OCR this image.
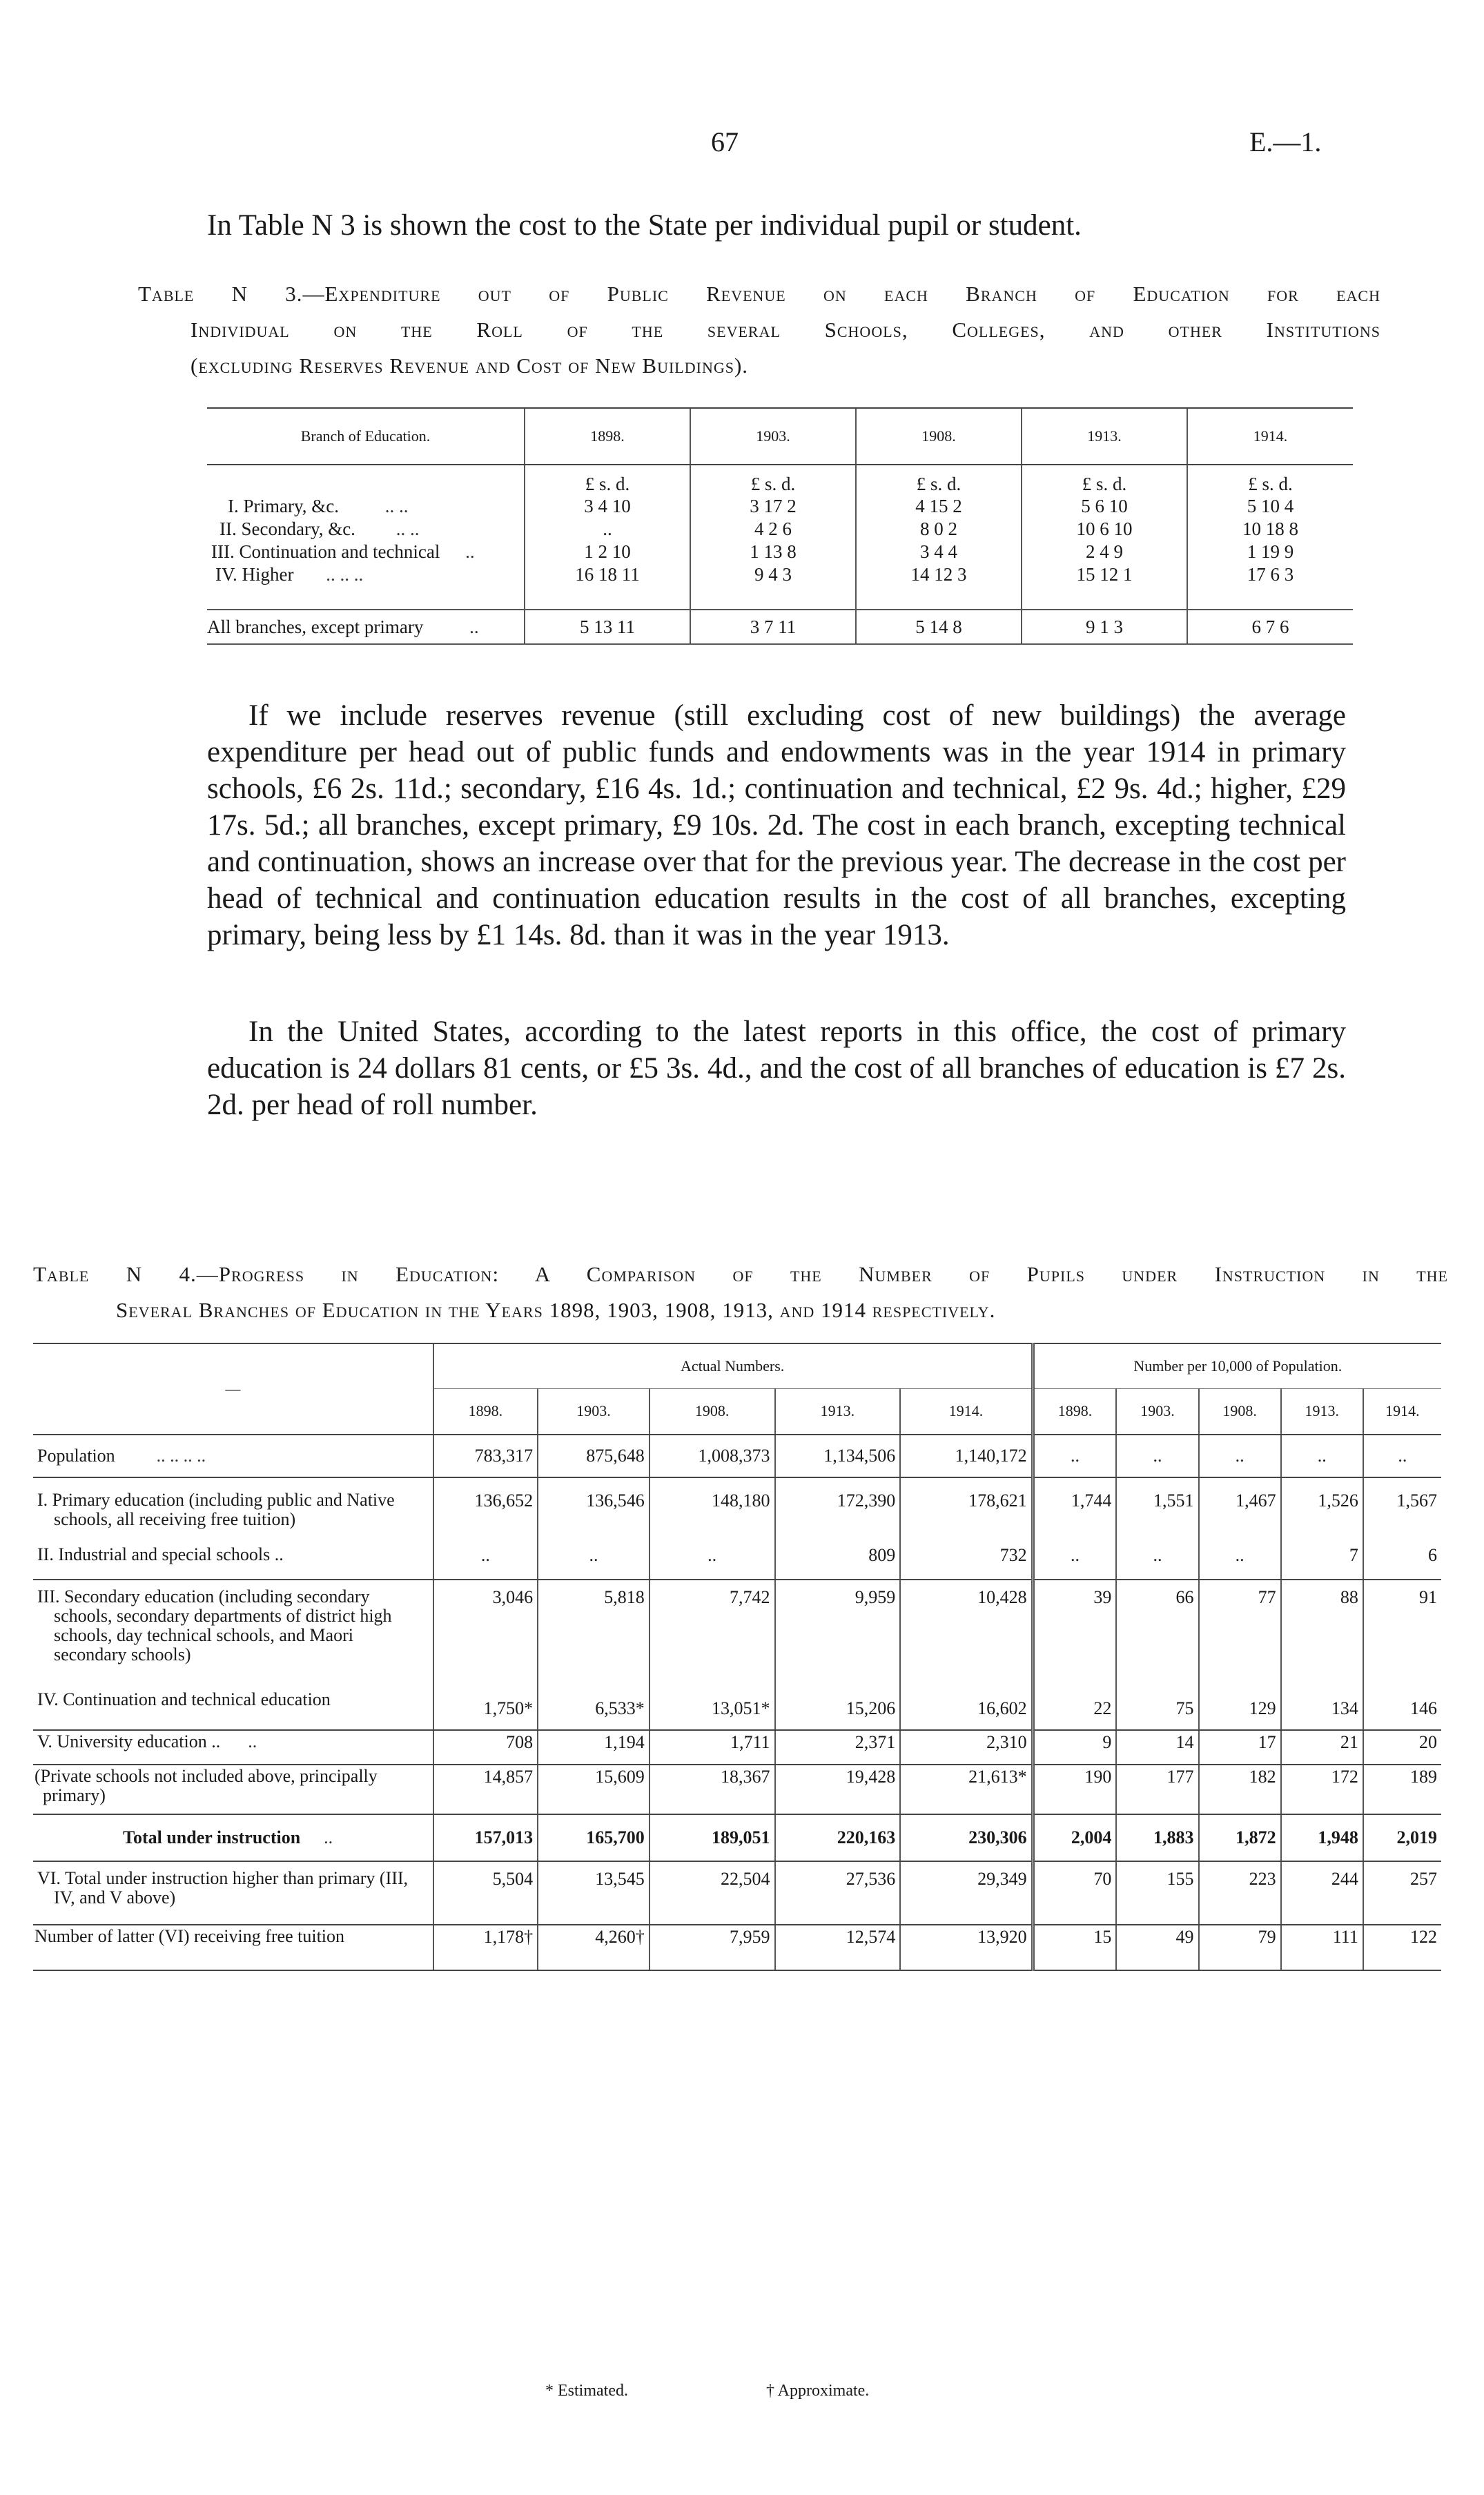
67	E.—1.
In Table N 3 is shown the cost to the State per individual pupil or student.
Table N 3.—Expenditure out of Public Revenue on each Branch of Education for each
Individual on the Roll of the several Schools, Colleges, and other Institutions
(excluding Reserves Revenue and Cost of New Buildings).
Branch of Education.	1898.	1903.	1908.	1913.	1914.
	£ s. d.	£ s. d.	£ s. d.	£ s. d.	£ s. d.
I. Primary, &c. .. ..	3 4 10	3 17 2	4 15 2	5 6 10	5 10 4
II. Secondary, &c. .. ..	..	4 2 6	8 0 2	10 6 10	10 18 8
III. Continuation and technical ..	1 2 10	1 13 8	3 4 4	2 4 9	1 19 9
IV. Higher .. .. ..	16 18 11	9 4 3	14 12 3	15 12 1	17 6 3

All branches, except primary ..	5 13 11	3 7 11	5 14 8	9 1 3	6 7 6

If we include reserves revenue (still excluding cost of new buildings) the average expenditure per head out of public funds and endowments was in the year 1914 in primary schools, £6 2s. 11d.; secondary, £16 4s. 1d.; continuation and technical, £2 9s. 4d.; higher, £29 17s. 5d.; all branches, except primary, £9 10s. 2d. The cost in each branch, excepting technical and continuation, shows an increase over that for the previous year. The decrease in the cost per head of technical and continuation education results in the cost of all branches, excepting primary, being less by £1 14s. 8d. than it was in the year 1913.

In the United States, according to the latest reports in this office, the cost of primary education is 24 dollars 81 cents, or £5 3s. 4d., and the cost of all branches of education is £7 2s. 2d. per head of roll number.

Table N 4.—Progress in Education: A Comparison of the Number of Pupils under Instruction in the
Several Branches of Education in the Years 1898, 1903, 1908, 1913, and 1914 respectively.
—	Actual Numbers.					Number per 10,000 of Population.				
	1898.	1903.	1908.	1913.	1914.	1898.	1903.	1908.	1913.	1914.
Population .. .. .. ..	783,317	875,648	1,008,373	1,134,506	1,140,172	..	..	..	..	..
I. Primary education (including public and Native schools, all receiving free tuition)	136,652	136,546	148,180	172,390	178,621	1,744	1,551	1,467	1,526	1,567
II. Industrial and special schools ..	..	..	..	809	732	..	..	..	7	6
III. Secondary education (including secondary schools, secondary departments of district high schools, day technical schools, and Maori secondary schools)	3,046	5,818	7,742	9,959	10,428	39	66	77	88	91
IV. Continuation and technical education	1,750*	6,533*	13,051*	15,206	16,602	22	75	129	134	146
V. University education .. ..	708	1,194	1,711	2,371	2,310	9	14	17	21	20
(Private schools not included above, principally primary)	14,857	15,609	18,367	19,428	21,613*	190	177	182	172	189
Total under instruction ..	157,013	165,700	189,051	220,163	230,306	2,004	1,883	1,872	1,948	2,019
VI. Total under instruction higher than primary (III, IV, and V above)	5,504	13,545	22,504	27,536	29,349	70	155	223	244	257
Number of latter (VI) receiving free tuition	1,178†	4,260†	7,959	12,574	13,920	15	49	79	111	122
* Estimated.	† Approximate.
